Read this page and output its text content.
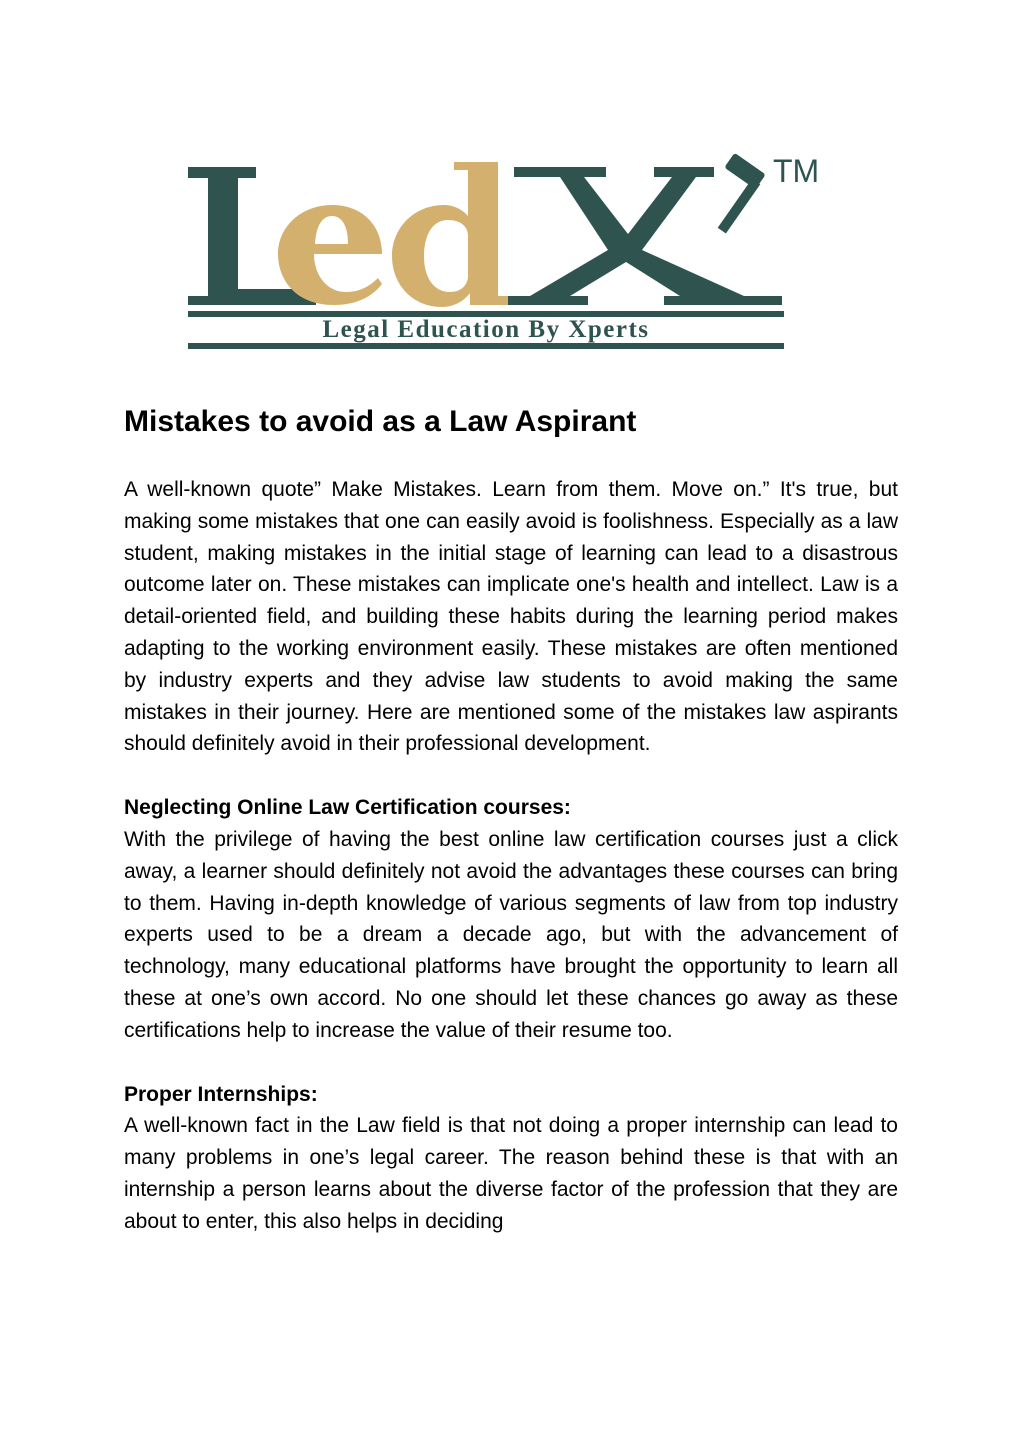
TM
Legal Education By Xperts
Mistakes to avoid as a Law Aspirant

A well-known quote” Make Mistakes. Learn from them. Move on.” It's true, but making some mistakes that one can easily avoid is foolishness. Especially as a law student, making mistakes in the initial stage of learning can lead to a disastrous outcome later on. These mistakes can implicate one's health and intellect. Law is a detail-oriented field, and building these habits during the learning period makes adapting to the working environment easily. These mistakes are often mentioned by industry experts and they advise law students to avoid making the same mistakes in their journey. Here are mentioned some of the mistakes law aspirants should definitely avoid in their professional development.

Neglecting Online Law Certification courses:

With the privilege of having the best online law certification courses just a click away, a learner should definitely not avoid the advantages these courses can bring to them. Having in-depth knowledge of various segments of law from top industry experts used to be a dream a decade ago, but with the advancement of technology, many educational platforms have brought the opportunity to learn all these at one’s own accord. No one should let these chances go away as these certifications help to increase the value of their resume too.

Proper Internships:

A well-known fact in the Law field is that not doing a proper internship can lead to many problems in one’s legal career. The reason behind these is that with an internship a person learns about the diverse factor of the profession that they are about to enter, this also helps in deciding
